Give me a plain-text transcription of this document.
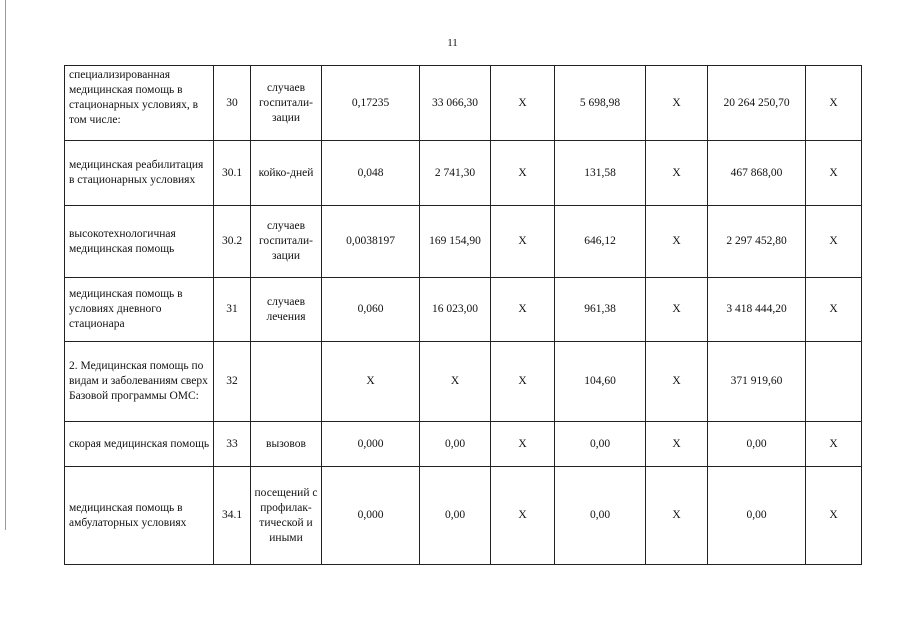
11
специализированная медицинская помощь в стационарных условиях, в том числе:	30	случаев госпитали-зации	0,17235	33 066,30	X	5 698,98	X	20 264 250,70	X
медицинская реабилитация в стационарных условиях	30.1	койко-дней	0,048	2 741,30	X	131,58	X	467 868,00	X
высокотехнологичная медицинская помощь	30.2	случаев госпитали-зации	0,0038197	169 154,90	X	646,12	X	2 297 452,80	X
медицинская помощь в условиях дневного стационара	31	случаев лечения	0,060	16 023,00	X	961,38	X	3 418 444,20	X
2. Медицинская помощь по видам и заболеваниям сверх Базовой программы ОМС:	32		X	X	X	104,60	X	371 919,60	
скорая медицинская помощь	33	вызовов	0,000	0,00	X	0,00	X	0,00	X
медицинская помощь в амбулаторных условиях	34.1	посещений с профилак-тической и иными	0,000	0,00	X	0,00	X	0,00	X
